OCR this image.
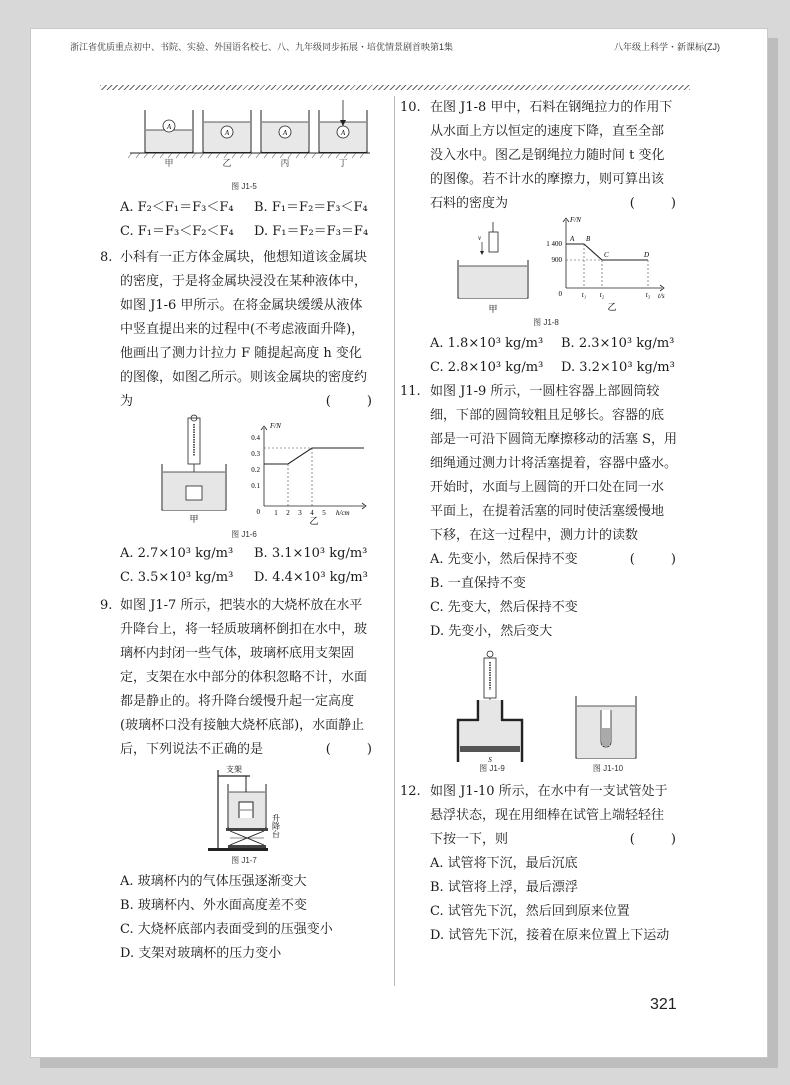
浙江省优质重点初中、书院、实验、外国语名校七、八、九年级同步拓展・培优情景剧首映第1集	八年级上科学・新课标(ZJ)
A
A	A	A
甲	乙	丙	丁
图 J1-5
A. F₂＜F₁＝F₃＜F₄	B. F₁＝F₂＝F₃＜F₄
C. F₁＝F₃＜F₂＜F₄	D. F₁＝F₂＝F₃＝F₄
8. 小科有一正方体金属块，他想知道该金属块
的密度，于是将金属块浸没在某种液体中，
如图 J1-6 甲所示。在将金属块缓缓从液体
中竖直提出来的过程中(不考虑液面升降)，
他画出了测力计拉力 F 随提起高度 h 变化
的图像，如图乙所示。则该金属块的密度约
为	( )
甲
F/N
0.4
0.3
0.2
0.1
0 1 2 3 4 5 h/cm
乙
图 J1-6
A. 2.7×10³ kg/m³	B. 3.1×10³ kg/m³
C. 3.5×10³ kg/m³	D. 4.4×10³ kg/m³
9. 如图 J1-7 所示，把装水的大烧杯放在水平
升降台上，将一轻质玻璃杯倒扣在水中，玻
璃杯内封闭一些气体，玻璃杯底用支架固
定，支架在水中部分的体积忽略不计，水面
都是静止的。将升降台缓慢升起一定高度
(玻璃杯口没有接触大烧杯底部)，水面静止
后，下列说法不正确的是	( )
支架
升降台
图 J1-7
A. 玻璃杯内的气体压强逐渐变大
B. 玻璃杯内、外水面高度差不变
C. 大烧杯底部内表面受到的压强变小
D. 支架对玻璃杯的压力变小
10. 在图 J1-8 甲中，石料在钢绳拉力的作用下
从水面上方以恒定的速度下降，直至全部
没入水中。图乙是钢绳拉力随时间 t 变化
的图像。若不计水的摩擦力，则可算出该
石料的密度为	( )
v
甲
F/N
1 400
900
0
A B
C	D
t₁ t₂	t₃ t/s
乙
图 J1-8
A. 1.8×10³ kg/m³	B. 2.3×10³ kg/m³
C. 2.8×10³ kg/m³	D. 3.2×10³ kg/m³
11. 如图 J1-9 所示，一圆柱容器上部圆筒较
细，下部的圆筒较粗且足够长。容器的底
部是一可沿下圆筒无摩擦移动的活塞 S，用
细绳通过测力计将活塞提着，容器中盛水。
开始时，水面与上圆筒的开口处在同一水
平面上，在提着活塞的同时使活塞缓慢地
下移，在这一过程中，测力计的读数
( )
A. 先变小，然后保持不变
B. 一直保持不变
C. 先变大，然后保持不变
D. 先变小，然后变大
S
图 J1-9	图 J1-10
12. 如图 J1-10 所示，在水中有一支试管处于
悬浮状态，现在用细棒在试管上端轻轻往
下按一下，则	( )
A. 试管将下沉，最后沉底
B. 试管将上浮，最后漂浮
C. 试管先下沉，然后回到原来位置
D. 试管先下沉，接着在原来位置上下运动
321
